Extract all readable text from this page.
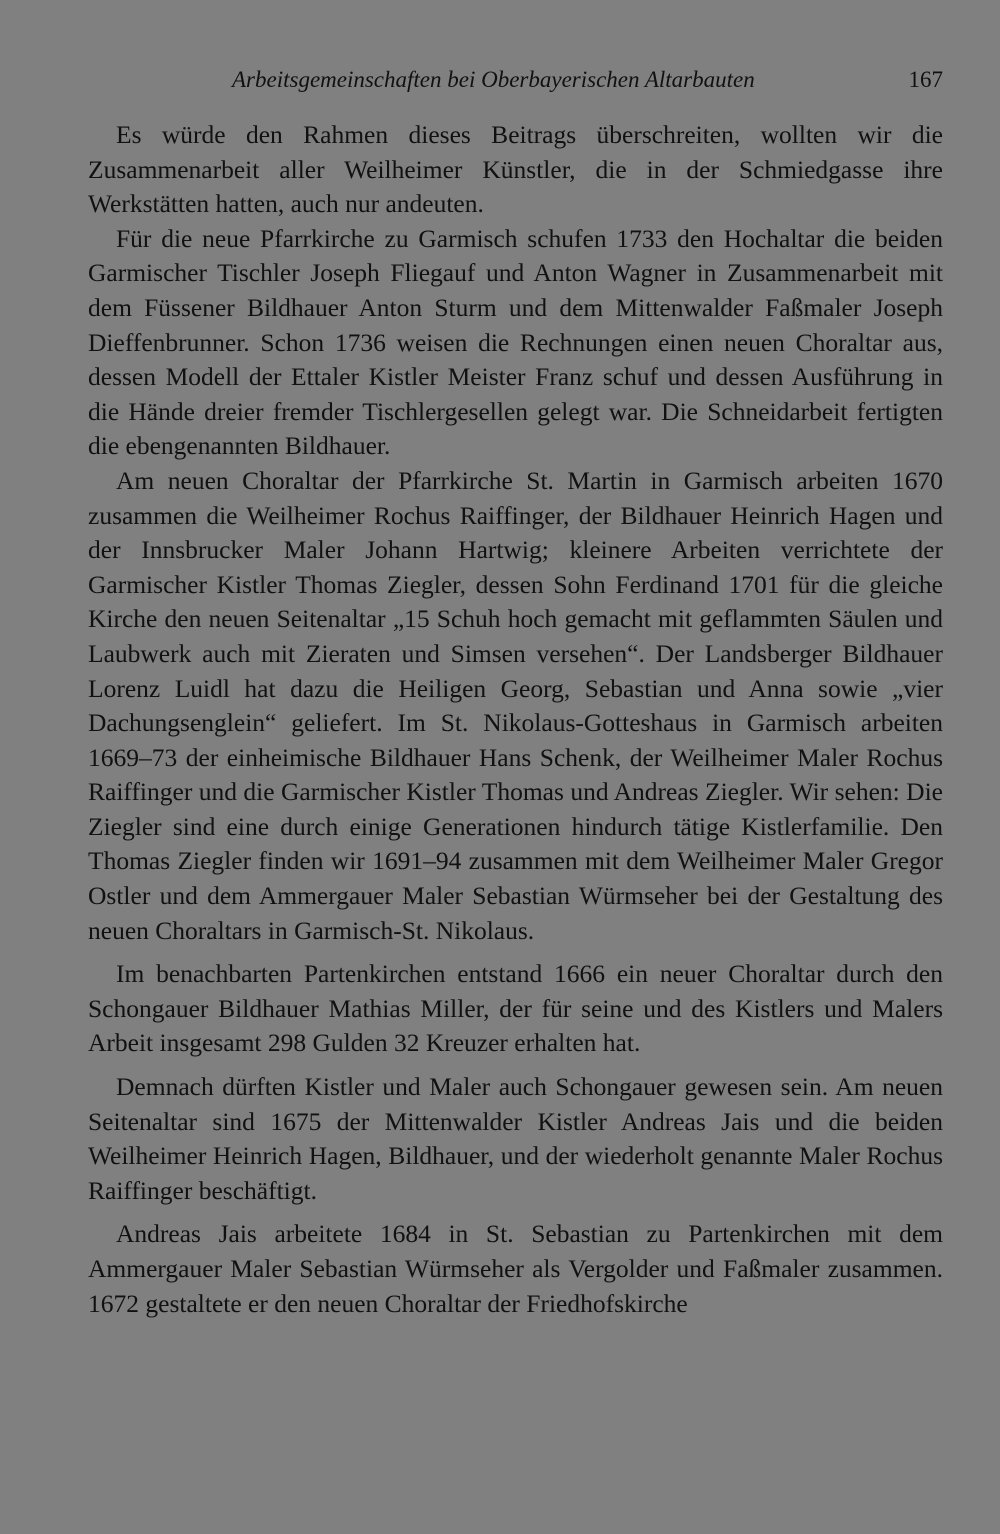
Arbeitsgemeinschaften bei Oberbayerischen Altarbauten	167

Es würde den Rahmen dieses Beitrags überschreiten, wollten wir die Zusammenarbeit aller Weilheimer Künstler, die in der Schmiedgasse ihre Werkstätten hatten, auch nur andeuten.

Für die neue Pfarrkirche zu Garmisch schufen 1733 den Hochaltar die beiden Garmischer Tischler Joseph Fliegauf und Anton Wagner in Zusammenarbeit mit dem Füssener Bildhauer Anton Sturm und dem Mittenwalder Faßmaler Joseph Dieffenbrunner. Schon 1736 weisen die Rechnungen einen neuen Choraltar aus, dessen Modell der Ettaler Kistler Meister Franz schuf und dessen Ausführung in die Hände dreier fremder Tischlergesellen gelegt war. Die Schneidarbeit fertigten die ebengenannten Bildhauer.

Am neuen Choraltar der Pfarrkirche St. Martin in Garmisch arbeiten 1670 zusammen die Weilheimer Rochus Raiffinger, der Bildhauer Heinrich Hagen und der Innsbrucker Maler Johann Hartwig; kleinere Arbeiten verrichtete der Garmischer Kistler Thomas Ziegler, dessen Sohn Ferdinand 1701 für die gleiche Kirche den neuen Seitenaltar „15 Schuh hoch gemacht mit geflammten Säulen und Laubwerk auch mit Zieraten und Simsen versehen“. Der Landsberger Bildhauer Lorenz Luidl hat dazu die Heiligen Georg, Sebastian und Anna sowie „vier Dachungsenglein“ geliefert. Im St. Nikolaus-Gotteshaus in Garmisch arbeiten 1669–73 der einheimische Bildhauer Hans Schenk, der Weilheimer Maler Rochus Raiffinger und die Garmischer Kistler Thomas und Andreas Ziegler. Wir sehen: Die Ziegler sind eine durch einige Generationen hindurch tätige Kistlerfamilie. Den Thomas Ziegler finden wir 1691–94 zusammen mit dem Weilheimer Maler Gregor Ostler und dem Ammergauer Maler Sebastian Würmseher bei der Gestaltung des neuen Choraltars in Garmisch-St. Nikolaus.

Im benachbarten Partenkirchen entstand 1666 ein neuer Choraltar durch den Schongauer Bildhauer Mathias Miller, der für seine und des Kistlers und Malers Arbeit insgesamt 298 Gulden 32 Kreuzer erhalten hat.

Demnach dürften Kistler und Maler auch Schongauer gewesen sein. Am neuen Seitenaltar sind 1675 der Mittenwalder Kistler Andreas Jais und die beiden Weilheimer Heinrich Hagen, Bildhauer, und der wiederholt genannte Maler Rochus Raiffinger beschäftigt.

Andreas Jais arbeitete 1684 in St. Sebastian zu Partenkirchen mit dem Ammergauer Maler Sebastian Würmseher als Vergolder und Faßmaler zusammen. 1672 gestaltete er den neuen Choraltar der Friedhofskirche
